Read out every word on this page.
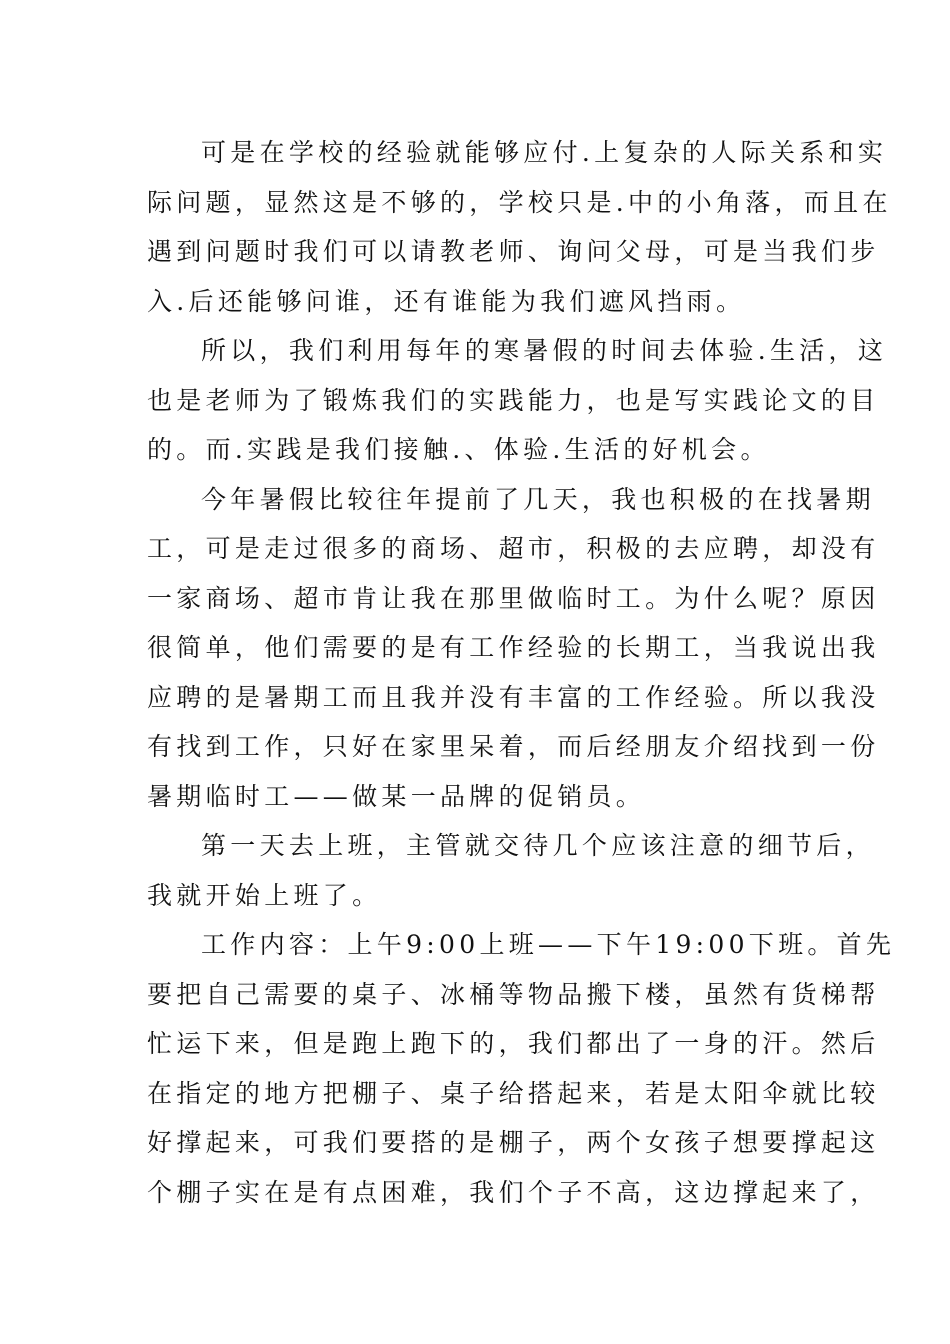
可是在学校的经验就能够应付.上复杂的人际关系和实
际问题，显然这是不够的，学校只是.中的小角落，而且在
遇到问题时我们可以请教老师、询问父母，可是当我们步
入.后还能够问谁，还有谁能为我们遮风挡雨。
所以，我们利用每年的寒暑假的时间去体验.生活，这
也是老师为了锻炼我们的实践能力，也是写实践论文的目
的。而.实践是我们接触.、体验.生活的好机会。
今年暑假比较往年提前了几天，我也积极的在找暑期
工，可是走过很多的商场、超市，积极的去应聘，却没有
一家商场、超市肯让我在那里做临时工。为什么呢？原因
很简单，他们需要的是有工作经验的长期工，当我说出我
应聘的是暑期工而且我并没有丰富的工作经验。所以我没
有找到工作，只好在家里呆着，而后经朋友介绍找到一份
暑期临时工——做某一品牌的促销员。
第一天去上班，主管就交待几个应该注意的细节后，
我就开始上班了。
工作内容：上午9:00上班——下午19:00下班。首先
要把自己需要的桌子、冰桶等物品搬下楼，虽然有货梯帮
忙运下来，但是跑上跑下的，我们都出了一身的汗。然后
在指定的地方把棚子、桌子给搭起来，若是太阳伞就比较
好撑起来，可我们要搭的是棚子，两个女孩子想要撑起这
个棚子实在是有点困难，我们个子不高，这边撑起来了，
